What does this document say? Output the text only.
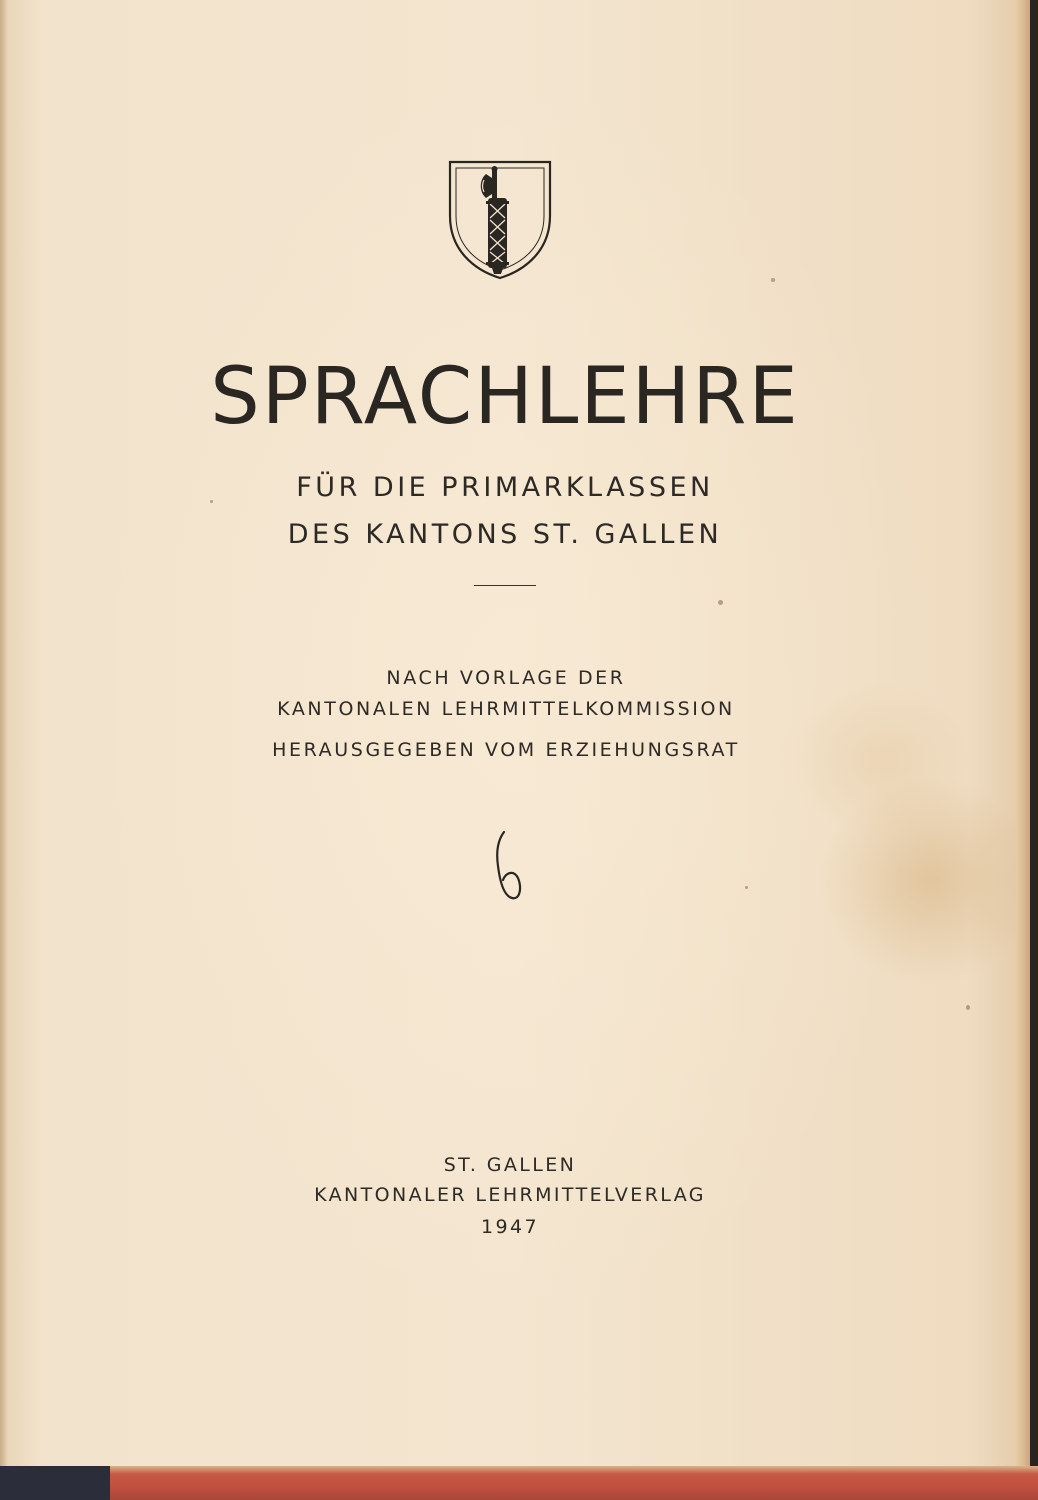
SPRACHLEHRE
FÜR DIE PRIMARKLASSEN
DES KANTONS ST. GALLEN
NACH VORLAGE DER
KANTONALEN LEHRMITTELKOMMISSION
HERAUSGEGEBEN VOM ERZIEHUNGSRAT
ST. GALLEN
KANTONALER LEHRMITTELVERLAG
1947
